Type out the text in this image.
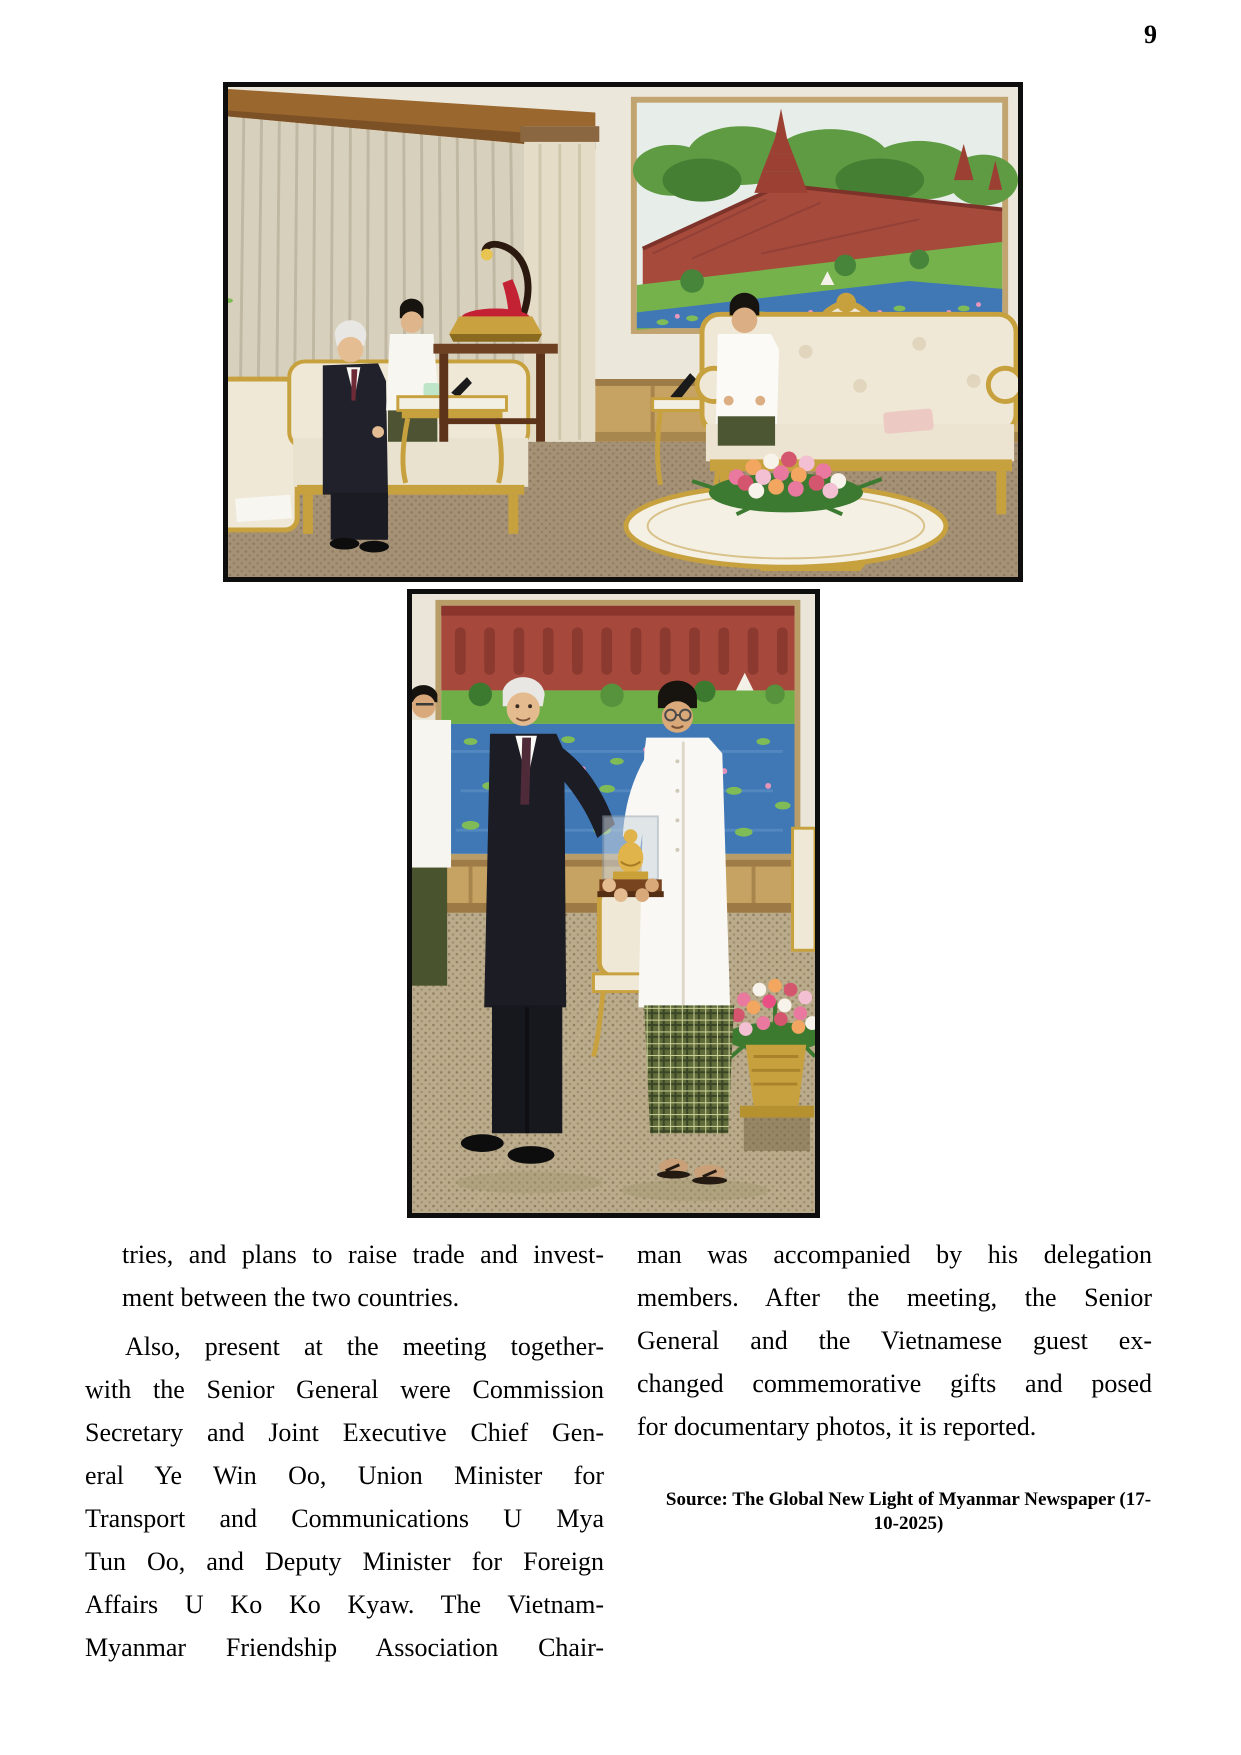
9
tries, and plans to raise trade and invest-
ment between the two countries.
Also, present at the meeting together-
with the Senior General were Commission
Secretary and Joint Executive Chief Gen-
eral Ye Win Oo, Union Minister for
Transport and Communications U Mya
Tun Oo, and Deputy Minister for Foreign
Affairs U Ko Ko Kyaw. The Vietnam-
Myanmar Friendship Association Chair-
man was accompanied by his delegation
members. After the meeting, the Senior
General and the Vietnamese guest ex-
changed commemorative gifts and posed
for documentary photos, it is reported.
Source: The Global New Light of Myanmar Newspaper (17-10-2025)
